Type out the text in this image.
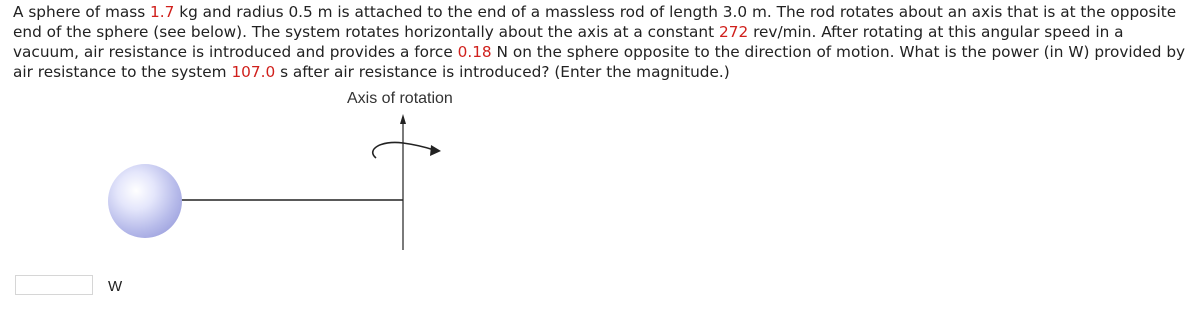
A sphere of mass 1.7 kg and radius 0.5 m is attached to the end of a massless rod of length 3.0 m. The rod rotates about an axis that is at the opposite end of the sphere (see below). The system rotates horizontally about the axis at a constant 272 rev/min. After rotating at this angular speed in a vacuum, air resistance is introduced and provides a force 0.18 N on the sphere opposite to the direction of motion. What is the power (in W) provided by air resistance to the system 107.0 s after air resistance is introduced? (Enter the magnitude.)

Axis of rotation
W
